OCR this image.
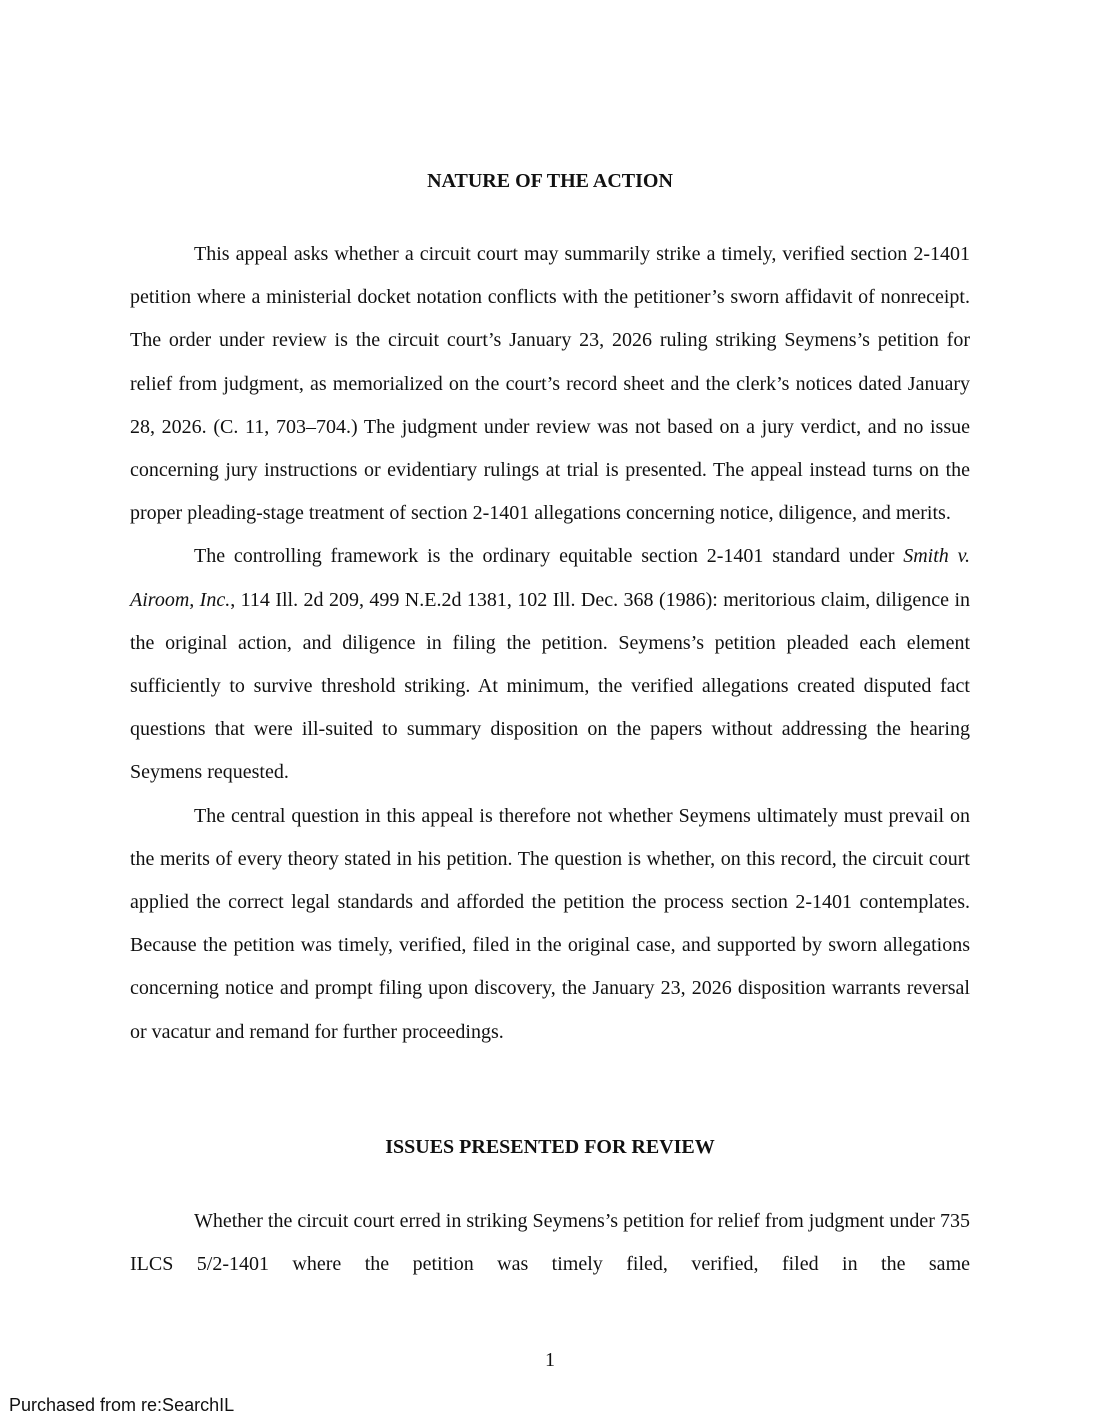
NATURE OF THE ACTION

This appeal asks whether a circuit court may summarily strike a timely, verified section 2-1401 petition where a ministerial docket notation conflicts with the petitioner’s sworn affidavit of nonreceipt. The order under review is the circuit court’s January 23, 2026 ruling striking Seymens’s petition for relief from judgment, as memorialized on the court’s record sheet and the clerk’s notices dated January 28, 2026. (C. 11, 703–704.) The judgment under review was not based on a jury verdict, and no issue concerning jury instructions or evidentiary rulings at trial is presented. The appeal instead turns on the proper pleading-stage treatment of section 2-1401 allegations concerning notice, diligence, and merits.

The controlling framework is the ordinary equitable section 2-1401 standard under Smith v. Airoom, Inc., 114 Ill. 2d 209, 499 N.E.2d 1381, 102 Ill. Dec. 368 (1986): meritorious claim, diligence in the original action, and diligence in filing the petition. Seymens’s petition pleaded each element sufficiently to survive threshold striking. At minimum, the verified allegations created disputed fact questions that were ill-suited to summary disposition on the papers without addressing the hearing Seymens requested.

The central question in this appeal is therefore not whether Seymens ultimately must prevail on the merits of every theory stated in his petition. The question is whether, on this record, the circuit court applied the correct legal standards and afforded the petition the process section 2-1401 contemplates. Because the petition was timely, verified, filed in the original case, and supported by sworn allegations concerning notice and prompt filing upon discovery, the January 23, 2026 disposition warrants reversal or vacatur and remand for further proceedings.

ISSUES PRESENTED FOR REVIEW

Whether the circuit court erred in striking Seymens’s petition for relief from judgment under 735 ILCS 5/2-1401 where the petition was timely filed, verified, filed in the same

1
Purchased from re:SearchIL
